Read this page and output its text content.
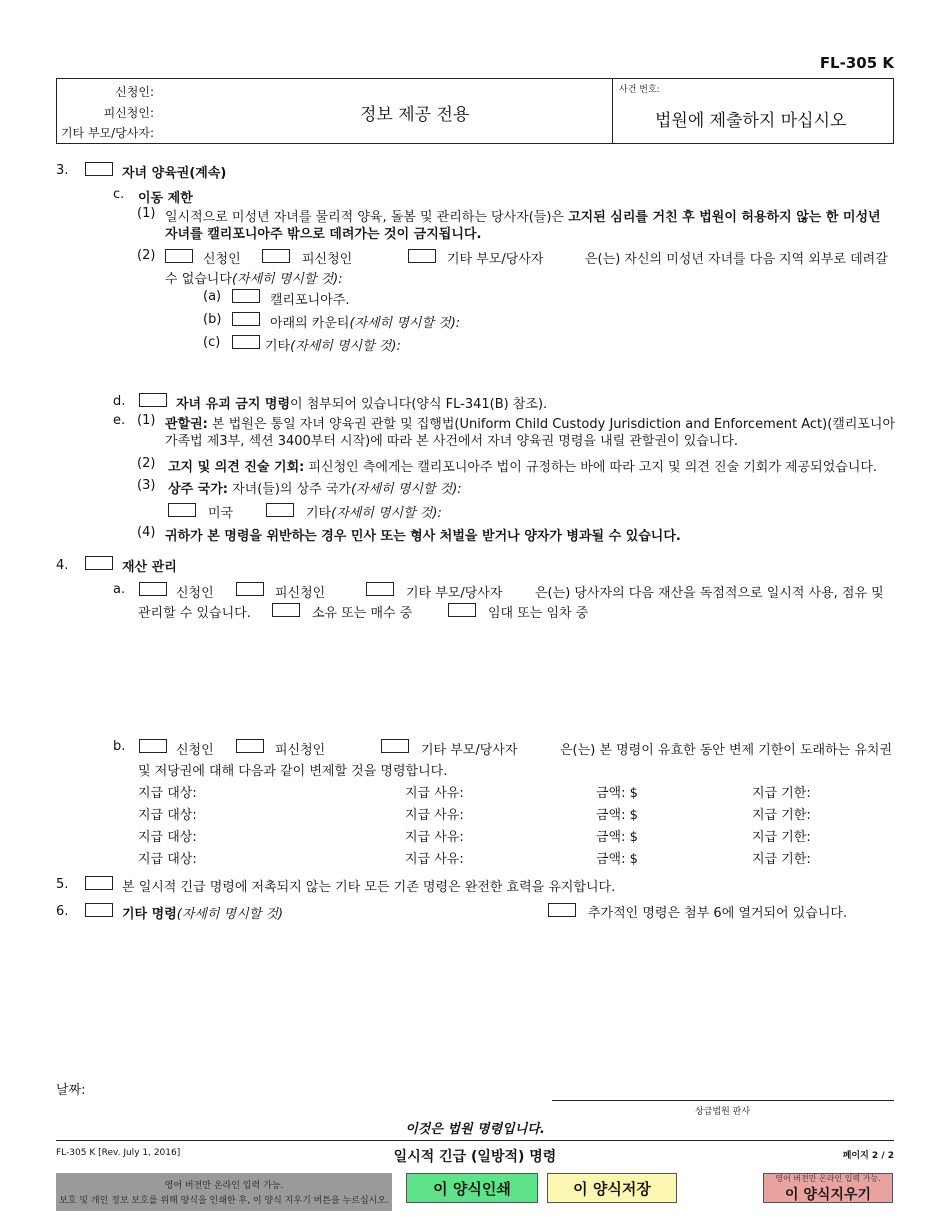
FL-305 K
신청인:
피신청인:
기타 부모/당사자:
정보 제공 전용
사건 번호:
법원에 제출하지 마십시오
3.	자녀 양육권(계속)
c. 이동 제한
(1) 일시적으로 미성년 자녀를 물리적 양육, 돌봄 및 관리하는 당사자(들)은 고지된 심리를 거친 후 법원이 허용하지 않는 한 미성년
자녀를 캘리포니아주 밖으로 데려가는 것이 금지됩니다.
(2)	신청인	피신청인	기타 부모/당사자	은(는) 자신의 미성년 자녀를 다음 지역 외부로 데려갈
수 없습니다(자세히 명시할 것):
(a)	캘리포니아주.
(b)	아래의 카운티(자세히 명시할 것):
(c)	기타(자세히 명시할 것):
d.	자녀 유괴 금지 명령이 첨부되어 있습니다(양식 FL-341(B) 참조).
e. (1) 관할권: 본 법원은 통일 자녀 양육권 관할 및 집행법(Uniform Child Custody Jurisdiction and Enforcement Act)(캘리포니아
가족법 제3부, 섹션 3400부터 시작)에 따라 본 사건에서 자녀 양육권 명령을 내릴 관할권이 있습니다.
(2) 고지 및 의견 진술 기회: 피신청인 측에게는 캘리포니아주 법이 규정하는 바에 따라 고지 및 의견 진술 기회가 제공되었습니다.
(3) 상주 국가: 자녀(들)의 상주 국가(자세히 명시할 것):
미국	기타(자세히 명시할 것):
(4) 귀하가 본 명령을 위반하는 경우 민사 또는 형사 처벌을 받거나 양자가 병과될 수 있습니다.
4.	재산 관리
a.	신청인	피신청인	기타 부모/당사자	은(는) 당사자의 다음 재산을 독점적으로 일시적 사용, 점유 및
관리할 수 있습니다.	소유 또는 매수 중	임대 또는 임차 중
b.	신청인	피신청인	기타 부모/당사자	은(는) 본 명령이 유효한 동안 변제 기한이 도래하는 유치권
및 저당권에 대해 다음과 같이 변제할 것을 명령합니다.
지급 대상:	지급 사유:	금액: $	지급 기한:
지급 대상:	지급 사유:	금액: $	지급 기한:
지급 대상:	지급 사유:	금액: $	지급 기한:
지급 대상:	지급 사유:	금액: $	지급 기한:
5.	본 일시적 긴급 명령에 저촉되지 않는 기타 모든 기존 명령은 완전한 효력을 유지합니다.
6.	기타 명령(자세히 명시할 것)	추가적인 명령은 첨부 6에 열거되어 있습니다.
날짜:
상급법원 판사
이것은 법원 명령입니다.
FL-305 K [Rev. July 1, 2016]	일시적 긴급 (일방적) 명령	페이지 2 / 2
영어 버전만 온라인 입력 가능.
보호 및 개인 정보 보호를 위해 양식을 인쇄한 후, 이 양식 지우기 버튼을 누르십시오.
이 양식인쇄	이 양식저장
영어 버전만 온라인 입력 가능.
이 양식지우기
